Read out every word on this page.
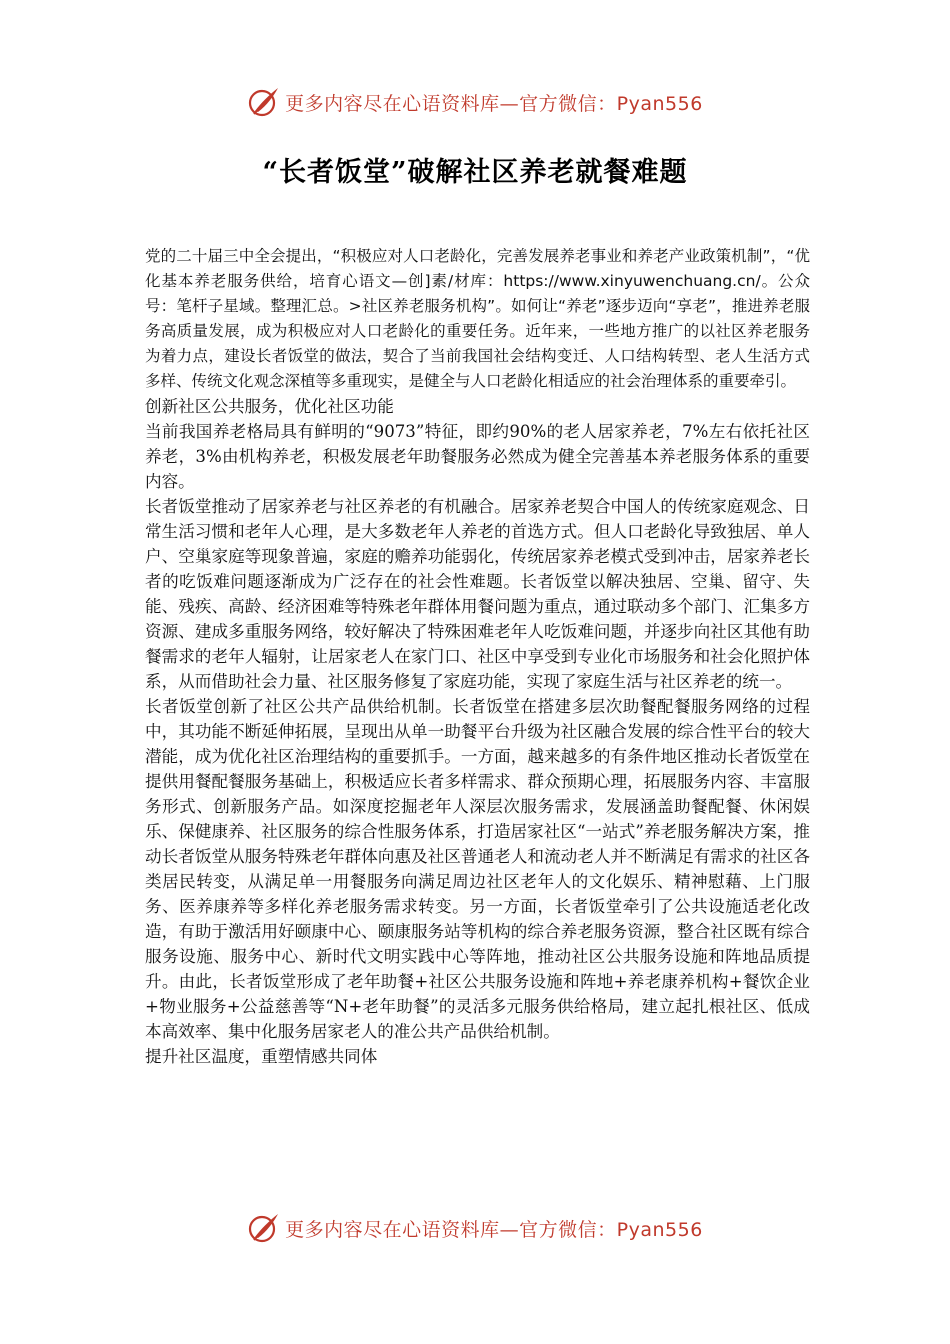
更多内容尽在心语资料库—官方微信：Pyan556
“长者饭堂”破解社区养老就餐难题

党的二十届三中全会提出，“积极应对人口老龄化，完善发展养老事业和养老产业政策机制”，“优化基本养老服务供给，培育心语文—创]素/材库：https://www.xinyuwenchuang.cn/。公众号：笔杆子星域。整理汇总。>社区养老服务机构”。如何让“养老”逐步迈向“享老”，推进养老服务高质量发展，成为积极应对人口老龄化的重要任务。近年来，一些地方推广的以社区养老服务为着力点，建设长者饭堂的做法，契合了当前我国社会结构变迁、人口结构转型、老人生活方式多样、传统文化观念深植等多重现实，是健全与人口老龄化相适应的社会治理体系的重要牵引。

创新社区公共服务，优化社区功能

当前我国养老格局具有鲜明的“9073”特征，即约90%的老人居家养老，7%左右依托社区养老，3%由机构养老，积极发展老年助餐服务必然成为健全完善基本养老服务体系的重要内容。

长者饭堂推动了居家养老与社区养老的有机融合。居家养老契合中国人的传统家庭观念、日常生活习惯和老年人心理，是大多数老年人养老的首选方式。但人口老龄化导致独居、单人户、空巢家庭等现象普遍，家庭的赡养功能弱化，传统居家养老模式受到冲击，居家养老长者的吃饭难问题逐渐成为广泛存在的社会性难题。长者饭堂以解决独居、空巢、留守、失能、残疾、高龄、经济困难等特殊老年群体用餐问题为重点，通过联动多个部门、汇集多方资源、建成多重服务网络，较好解决了特殊困难老年人吃饭难问题，并逐步向社区其他有助餐需求的老年人辐射，让居家老人在家门口、社区中享受到专业化市场服务和社会化照护体系，从而借助社会力量、社区服务修复了家庭功能，实现了家庭生活与社区养老的统一。

长者饭堂创新了社区公共产品供给机制。长者饭堂在搭建多层次助餐配餐服务网络的过程中，其功能不断延伸拓展，呈现出从单一助餐平台升级为社区融合发展的综合性平台的较大潜能，成为优化社区治理结构的重要抓手。一方面，越来越多的有条件地区推动长者饭堂在提供用餐配餐服务基础上，积极适应长者多样需求、群众预期心理，拓展服务内容、丰富服务形式、创新服务产品。如深度挖掘老年人深层次服务需求，发展涵盖助餐配餐、休闲娱乐、保健康养、社区服务的综合性服务体系，打造居家社区“一站式”养老服务解决方案，推动长者饭堂从服务特殊老年群体向惠及社区普通老人和流动老人并不断满足有需求的社区各类居民转变，从满足单一用餐服务向满足周边社区老年人的文化娱乐、精神慰藉、上门服务、医养康养等多样化养老服务需求转变。另一方面，长者饭堂牵引了公共设施适老化改造，有助于激活用好颐康中心、颐康服务站等机构的综合养老服务资源，整合社区既有综合服务设施、服务中心、新时代文明实践中心等阵地，推动社区公共服务设施和阵地品质提升。由此，长者饭堂形成了老年助餐+社区公共服务设施和阵地+养老康养机构+餐饮企业+物业服务+公益慈善等“N+老年助餐”的灵活多元服务供给格局，建立起扎根社区、低成本高效率、集中化服务居家老人的准公共产品供给机制。

提升社区温度，重塑情感共同体

更多内容尽在心语资料库—官方微信：Pyan556
